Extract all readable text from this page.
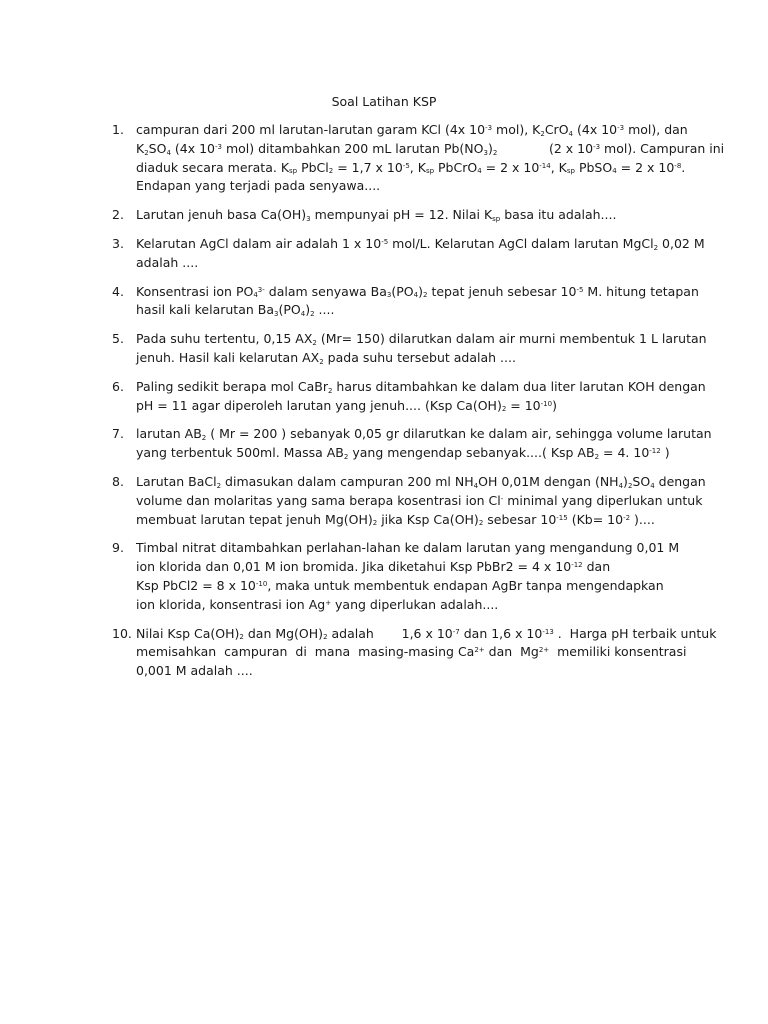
Soal Latihan KSP
1. campuran dari 200 ml larutan-larutan garam KCl (4x $10^{-3}$ mol), $K_2CrO_4$ (4x $10^{-3}$ mol), dan
$K_2SO_4$ (4x $10^{-3}$ mol) ditambahkan 200 mL larutan $Pb(NO_3)_2$             (2 x $10^{-3}$ mol). Campuran ini
diaduk secara merata. $K_{sp}$ PbCl$_2$ = 1,7 x $10^{-5}$, $K_{sp}$ PbCrO$_4$ = 2 x $10^{-14}$, $K_{sp}$ PbSO$_4$ = 2 x $10^{-8}$.
Endapan yang terjadi pada senyawa....
2. Larutan jenuh basa $Ca(OH)_3$ mempunyai pH = 12. Nilai $K_{sp}$ basa itu adalah....
3. Kelarutan AgCl dalam air adalah 1 x $10^{-5}$ mol/L. Kelarutan AgCl dalam larutan MgCl$_2$ 0,02 M
adalah ....
4. Konsentrasi ion $PO_4^{3-}$ dalam senyawa $Ba_3(PO_4)_2$ tepat jenuh sebesar $10^{-5}$ M. hitung tetapan
hasil kali kelarutan $Ba_3(PO_4)_2$ ....
5. Pada suhu tertentu, 0,15 $AX_2$ (Mr= 150) dilarutkan dalam air murni membentuk 1 L larutan
jenuh. Hasil kali kelarutan $AX_2$ pada suhu tersebut adalah ....
6. Paling sedikit berapa mol CaBr$_2$ harus ditambahkan ke dalam dua liter larutan KOH dengan
pH = 11 agar diperoleh larutan yang jenuh.... (Ksp $Ca(OH)_2 = 10^{-10}$)
7. larutan $AB_2$ ( Mr = 200 ) sebanyak 0,05 gr dilarutkan ke dalam air, sehingga volume larutan
yang terbentuk 500ml. Massa $AB_2$ yang mengendap sebanyak....( Ksp $AB_2 = 4$. $10^{-12}$ )
8. Larutan BaCl$_2$ dimasukan dalam campuran 200 ml $NH_4OH$ 0,01M dengan $(NH_4)_2SO_4$ dengan
volume dan molaritas yang sama berapa kosentrasi ion Cl- minimal yang diperlukan untuk
membuat larutan tepat jenuh $Mg(OH)_2$ jika Ksp $Ca(OH)_2$ sebesar $10^{-15}$ ($Kb= 10^{-2}$ )....
9. Timbal nitrat ditambahkan perlahan-lahan ke dalam larutan yang mengandung 0,01 M
ion klorida dan 0,01 M ion bromida. Jika diketahui Ksp PbBr2 = 4 x $10^{-12}$ dan
Ksp PbCl2 = 8 x $10^{-10}$, maka untuk membentuk endapan AgBr tanpa mengendapkan
ion klorida, konsentrasi ion Ag+ yang diperlukan adalah....
10. Nilai Ksp $Ca(OH)_2$ dan $Mg(OH)_2$ adalah       1,6 x $10^{-7}$ dan 1,6 x $10^{-13}$ .  Harga pH terbaik untuk
memisahkan  campuran  di  mana  masing-masing $Ca^{2+}$ dan  $Mg^{2+}$  memiliki konsentrasi
0,001 M adalah ....
